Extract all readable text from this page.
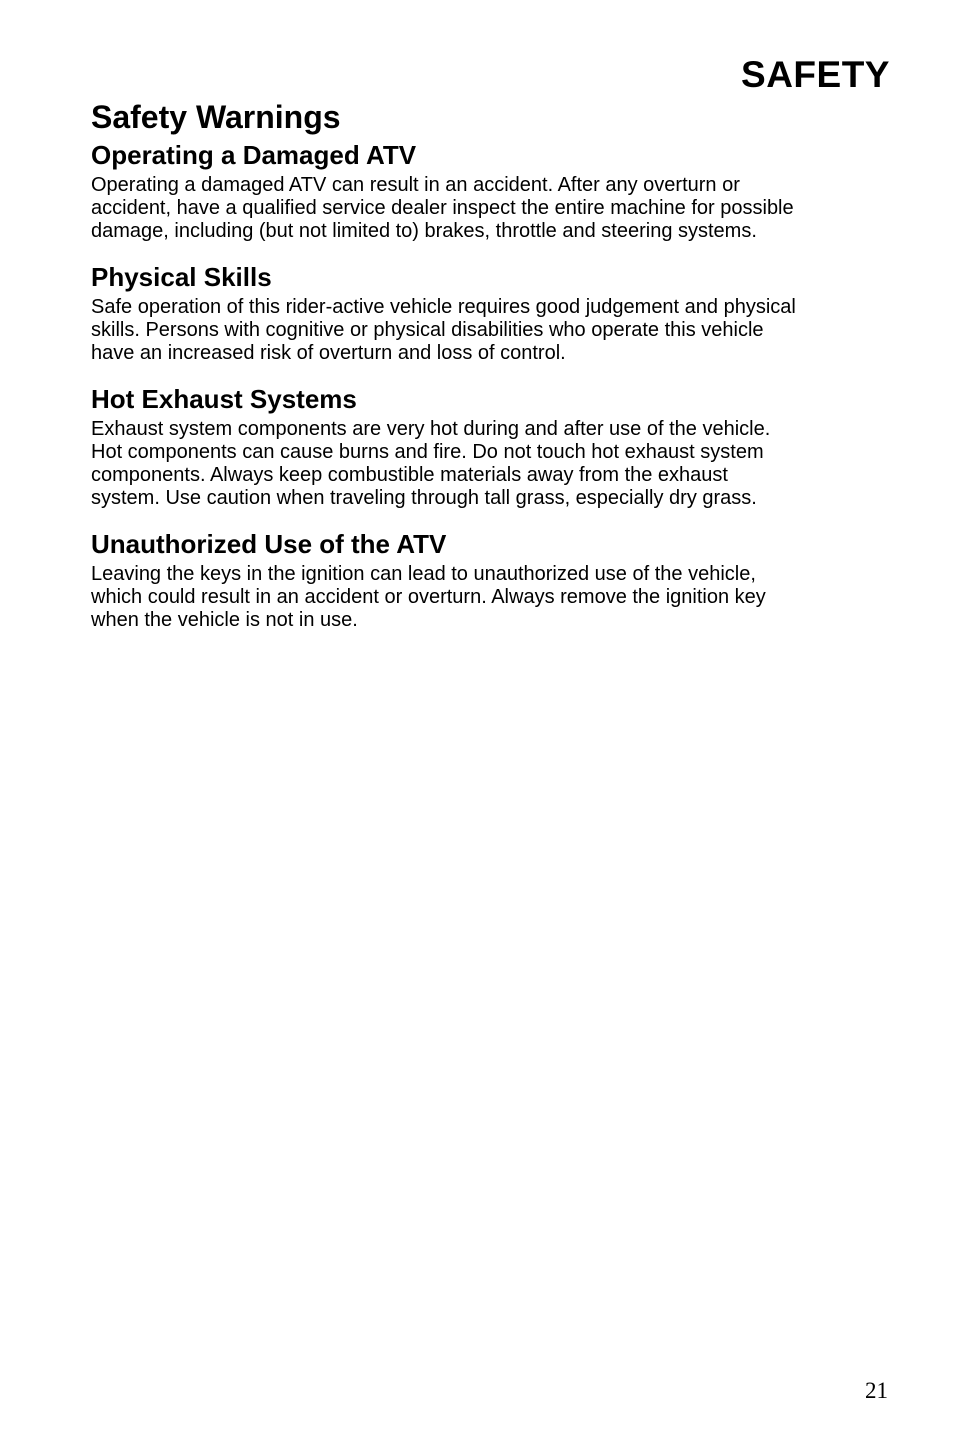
SAFETY
Safety Warnings
Operating a Damaged ATV

Operating a damaged ATV can result in an accident. After any overturn or
accident, have a qualified service dealer inspect the entire machine for possible
damage, including (but not limited to) brakes, throttle and steering systems.

Physical Skills

Safe operation of this rider-active vehicle requires good judgement and physical
skills. Persons with cognitive or physical disabilities who operate this vehicle
have an increased risk of overturn and loss of control.

Hot Exhaust Systems

Exhaust system components are very hot during and after use of the vehicle.
Hot components can cause burns and fire. Do not touch hot exhaust system
components. Always keep combustible materials away from the exhaust
system. Use caution when traveling through tall grass, especially dry grass.

Unauthorized Use of the ATV

Leaving the keys in the ignition can lead to unauthorized use of the vehicle,
which could result in an accident or overturn. Always remove the ignition key
when the vehicle is not in use.

21
